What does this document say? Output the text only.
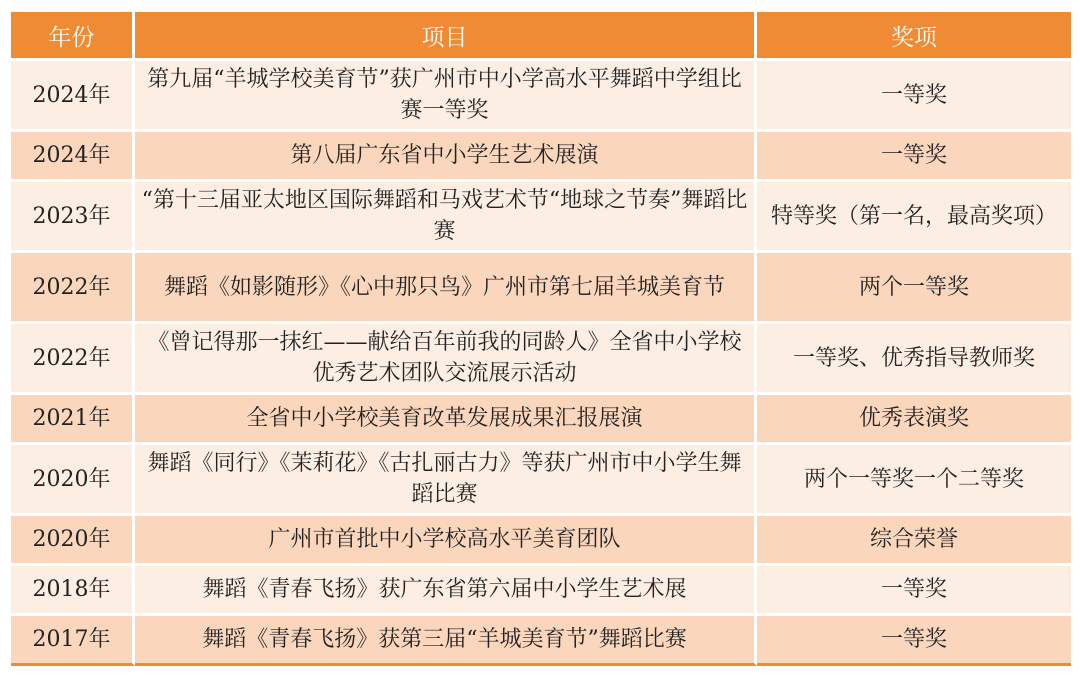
年份	项目	奖项
2024年	第九届“羊城学校美育节”获广州市中小学高水平舞蹈中学组比赛一等奖	一等奖
2024年	第八届广东省中小学生艺术展演	一等奖
2023年	“第十三届亚太地区国际舞蹈和马戏艺术节“地球之节奏”舞蹈比赛	特等奖（第一名，最高奖项）
2022年	舞蹈《如影随形》《心中那只鸟》广州市第七届羊城美育节	两个一等奖
2022年	《曾记得那一抹红——献给百年前我的同龄人》全省中小学校优秀艺术团队交流展示活动	一等奖、优秀指导教师奖
2021年	全省中小学校美育改革发展成果汇报展演	优秀表演奖
2020年	舞蹈《同行》《茉莉花》《古扎丽古力》等获广州市中小学生舞蹈比赛	两个一等奖一个二等奖
2020年	广州市首批中小学校高水平美育团队	综合荣誉
2018年	舞蹈《青春飞扬》获广东省第六届中小学生艺术展	一等奖
2017年	舞蹈《青春飞扬》获第三届“羊城美育节”舞蹈比赛	一等奖
